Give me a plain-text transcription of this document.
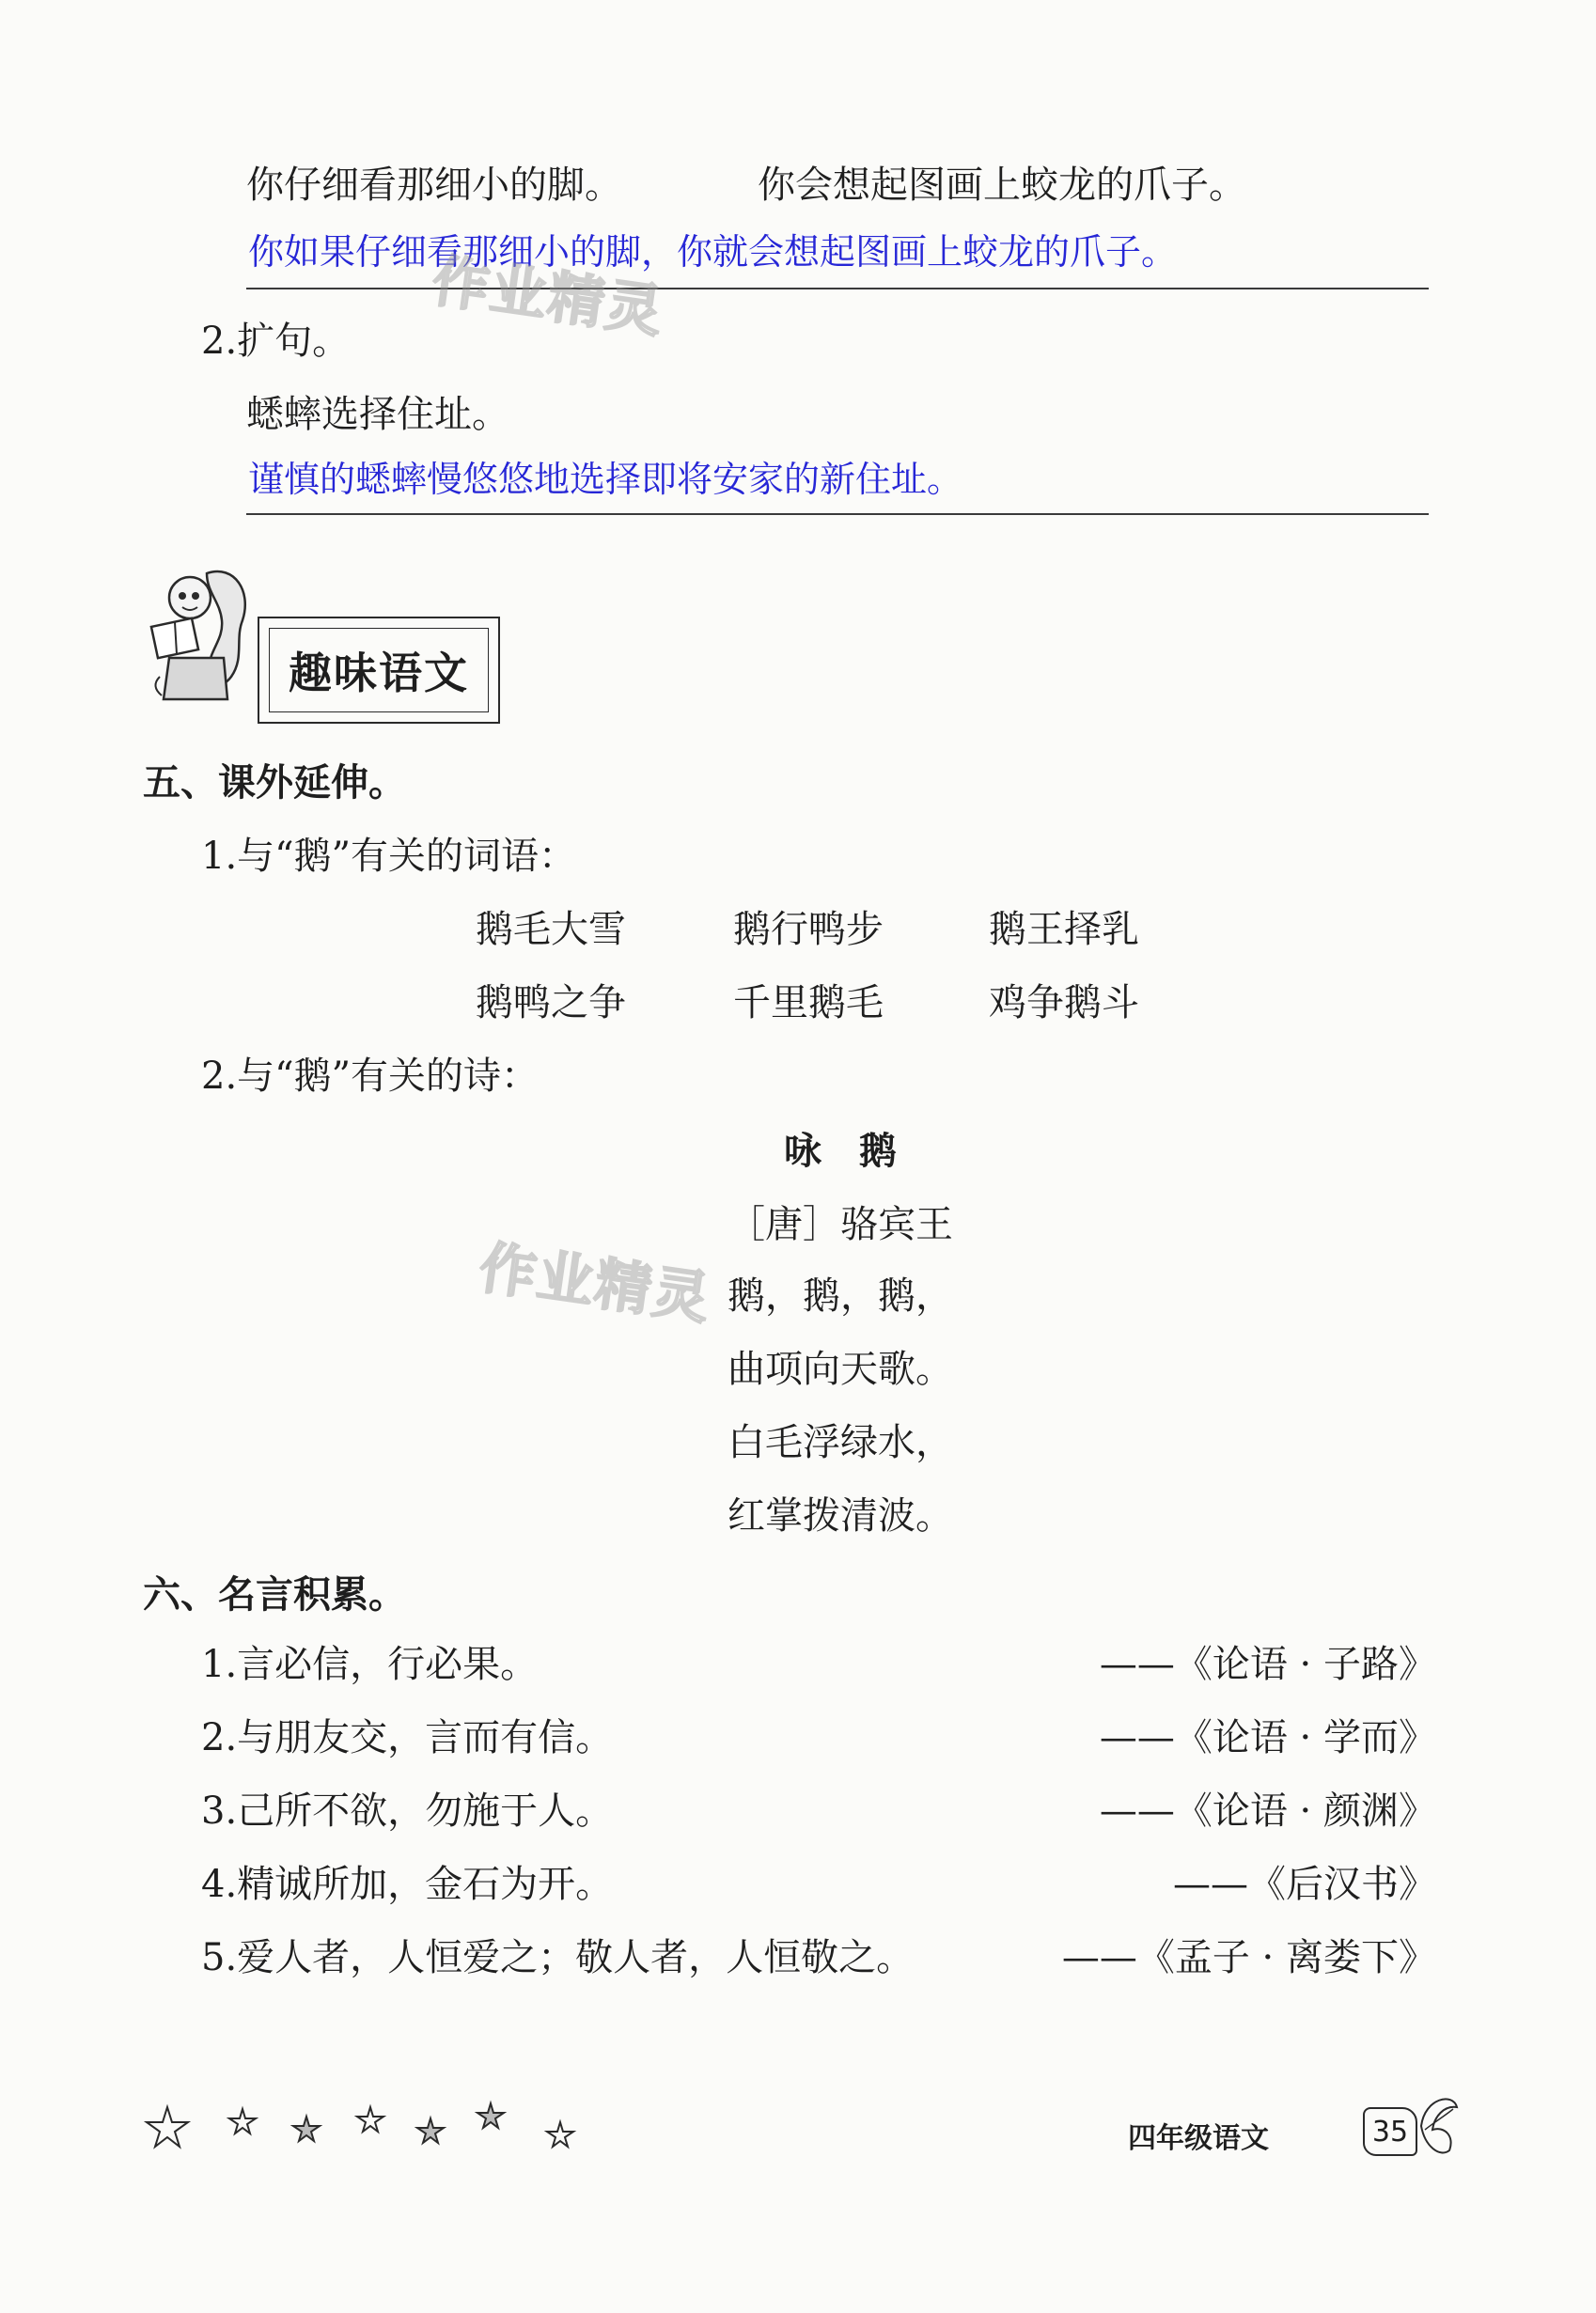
你仔细看那细小的脚。	你会想起图画上蛟龙的爪子。
你如果仔细看那细小的脚，你就会想起图画上蛟龙的爪子。
作业精灵
2.扩句。
蟋蟀选择住址。
谨慎的蟋蟀慢悠悠地选择即将安家的新住址。
趣味语文
五、课外延伸。
1.与“鹅”有关的词语：
鹅毛大雪	鹅行鸭步	鹅王择乳
鹅鸭之争	千里鹅毛	鸡争鹅斗
2.与“鹅”有关的诗：
咏　鹅
［唐］骆宾王
鹅，鹅，鹅，
曲项向天歌。
白毛浮绿水，
红掌拨清波。
作业精灵
六、名言积累。
1.言必信，行必果。	——《论语 · 子路》
2.与朋友交，言而有信。	——《论语 · 学而》
3.己所不欲，勿施于人。	——《论语 · 颜渊》
4.精诚所加，金石为开。	——《后汉书》
5.爱人者，人恒爱之；敬人者，人恒敬之。	——《孟子 · 离娄下》
四年级语文	35
